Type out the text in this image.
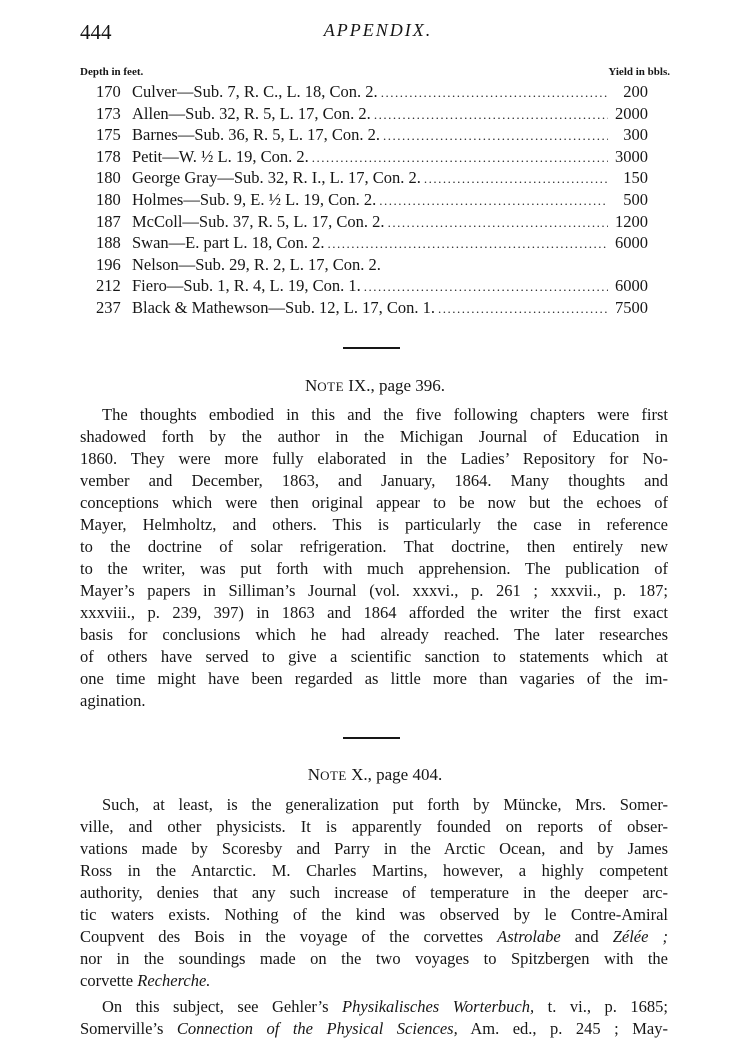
444	APPENDIX.
Depth in feet.	Yield in bbls.
170 Culver—Sub. 7, R. C., L. 18, Con. 2. .....	200
173 Allen—Sub. 32, R. 5, L. 17, Con. 2. .....	2000
175 Barnes—Sub. 36, R. 5, L. 17, Con. 2. .....	300
178 Petit—W. ½ L. 19, Con. 2. .....	3000
180 George Gray—Sub. 32, R. I., L. 17, Con. 2. .....	150
180 Holmes—Sub. 9, E. ½ L. 19, Con. 2. .....	500
187 McColl—Sub. 37, R. 5, L. 17, Con. 2. .....	1200
188 Swan—E. part L. 18, Con. 2. .....	6000
196 Nelson—Sub. 29, R. 2, L. 17, Con. 2.
212 Fiero—Sub. 1, R. 4, L. 19, Con. 1. .....	6000
237 Black & Mathewson—Sub. 12, L. 17, Con. 1. .....	7500
NOTE IX., page 396.
The thoughts embodied in this and the five following chapters were first
shadowed forth by the author in the Michigan Journal of Education in
1860. They were more fully elaborated in the Ladies’ Repository for No-
vember and December, 1863, and January, 1864. Many thoughts and
conceptions which were then original appear to be now but the echoes of
Mayer, Helmholtz, and others. This is particularly the case in reference
to the doctrine of solar refrigeration. That doctrine, then entirely new
to the writer, was put forth with much apprehension. The publication of
Mayer’s papers in Silliman’s Journal (vol. xxxvi., p. 261 ; xxxvii., p. 187;
xxxviii., p. 239, 397) in 1863 and 1864 afforded the writer the first exact
basis for conclusions which he had already reached. The later researches
of others have served to give a scientific sanction to statements which at
one time might have been regarded as little more than vagaries of the im-
agination.
NOTE X., page 404.
Such, at least, is the generalization put forth by Müncke, Mrs. Somer-
ville, and other physicists. It is apparently founded on reports of obser-
vations made by Scoresby and Parry in the Arctic Ocean, and by James
Ross in the Antarctic. M. Charles Martins, however, a highly competent
authority, denies that any such increase of temperature in the deeper arc-
tic waters exists. Nothing of the kind was observed by le Contre-Amiral
Coupvent des Bois in the voyage of the corvettes Astrolabe and Zélée ;
nor in the soundings made on the two voyages to Spitzbergen with the
corvette Recherche.
On this subject, see Gehler’s Physikalisches Worterbuch, t. vi., p. 1685;
Somerville’s Connection of the Physical Sciences, Am. ed., p. 245 ; May-
